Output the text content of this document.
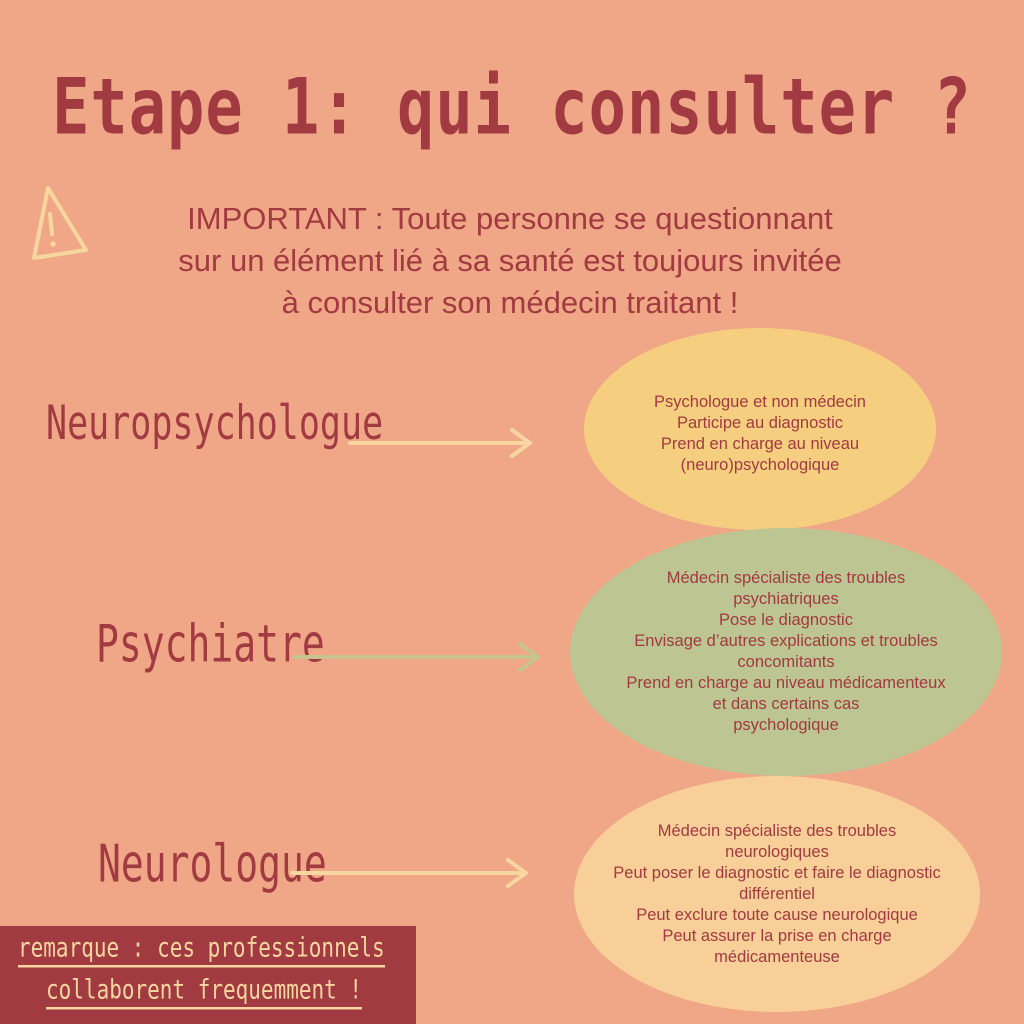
Etape 1: qui consulter ?

IMPORTANT : Toute personne se questionnant
sur un élément lié à sa santé est toujours invitée
à consulter son médecin traitant !

Neuropsychologue	Psychologue et non médecin
Participe au diagnostic
Prend en charge au niveau
(neuro)psychologique
Psychiatre
Médecin spécialiste des troubles
psychiatriques
Pose le diagnostic
Envisage d’autres explications et troubles
concomitants
Prend en charge au niveau médicamenteux
et dans certains cas
psychologique
Neurologue
Médecin spécialiste des troubles
neurologiques
Peut poser le diagnostic et faire le diagnostic
différentiel
Peut exclure toute cause neurologique
Peut assurer la prise en charge
médicamenteuse
remarque : ces professionnels
collaborent frequemment !
